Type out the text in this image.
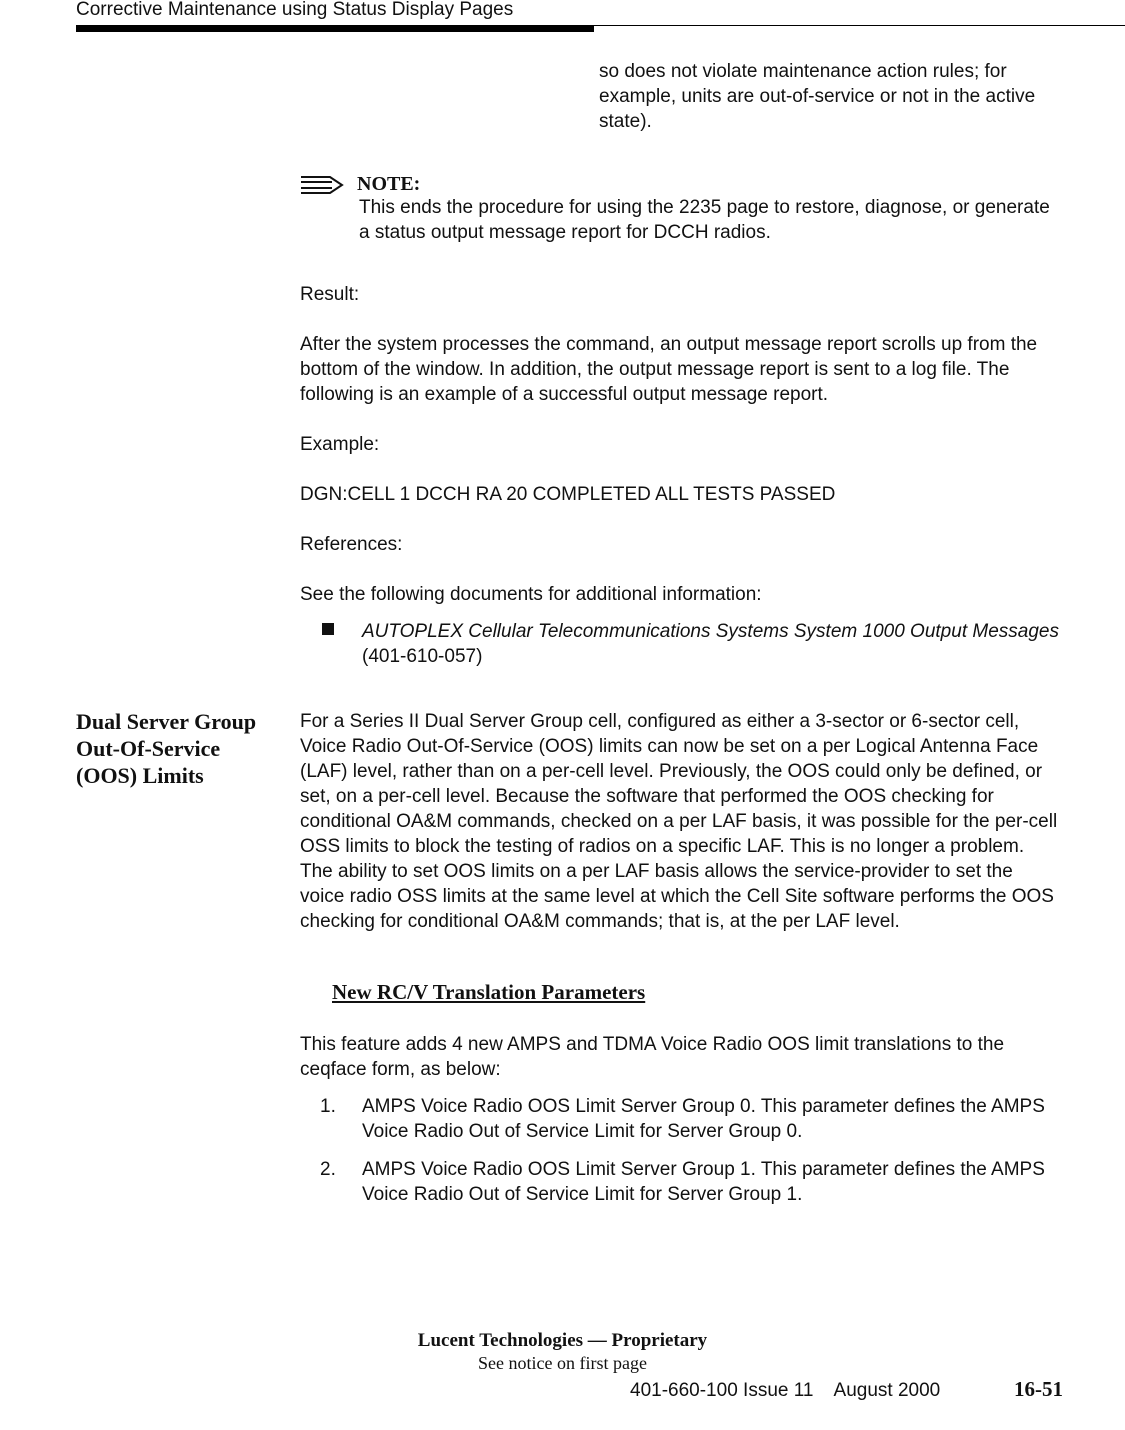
Corrective Maintenance using Status Display Pages
so does not violate maintenance action rules; for example, units are out-of-service or not in the active state).
NOTE:
This ends the procedure for using the 2235 page to restore, diagnose, or generate a status output message report for DCCH radios.
Result:
After the system processes the command, an output message report scrolls up from the bottom of the window. In addition, the output message report is sent to a log file. The following is an example of a successful output message report.
Example:
DGN:CELL 1 DCCH RA 20 COMPLETED ALL TESTS PASSED
References:
See the following documents for additional information:
AUTOPLEX Cellular Telecommunications Systems System 1000 Output Messages (401-610-057)
Dual Server Group Out-Of-Service (OOS) Limits
For a Series II Dual Server Group cell, configured as either a 3-sector or 6-sector cell, Voice Radio Out-Of-Service (OOS) limits can now be set on a per Logical Antenna Face (LAF) level, rather than on a per-cell level. Previously, the OOS could only be defined, or set, on a per-cell level. Because the software that performed the OOS checking for conditional OA&M commands, checked on a per LAF basis, it was possible for the per-cell OSS limits to block the testing of radios on a specific LAF. This is no longer a problem. The ability to set OOS limits on a per LAF basis allows the service-provider to set the voice radio OSS limits at the same level at which the Cell Site software performs the OOS checking for conditional OA&M commands; that is, at the per LAF level.
New RC/V Translation Parameters
This feature adds 4 new AMPS and TDMA Voice Radio OOS limit translations to the ceqface form, as below:
1.	AMPS Voice Radio OOS Limit Server Group 0. This parameter defines the AMPS Voice Radio Out of Service Limit for Server Group 0.
2.	AMPS Voice Radio OOS Limit Server Group 1. This parameter defines the AMPS Voice Radio Out of Service Limit for Server Group 1.
Lucent Technologies — Proprietary
See notice on first page
401-660-100 Issue 11    August 2000	16-51
